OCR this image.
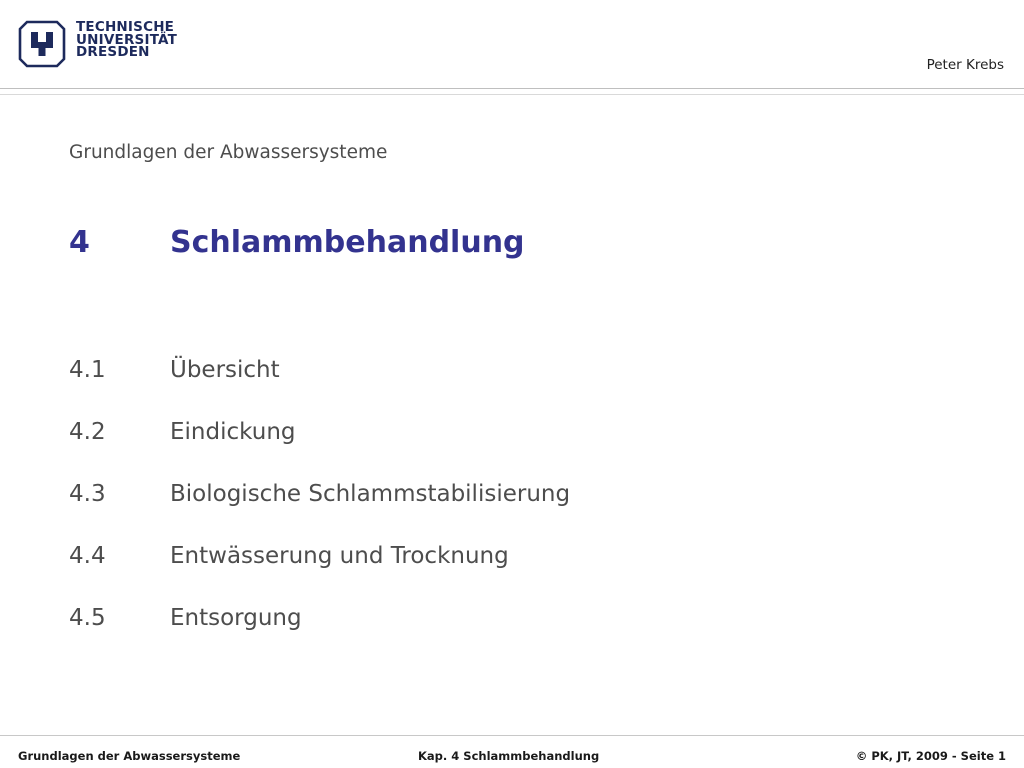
TECHNISCHE
UNIVERSITÄT
DRESDEN
Peter Krebs
Grundlagen der Abwassersysteme
4	Schlammbehandlung
4.1	Übersicht
4.2	Eindickung
4.3	Biologische Schlammstabilisierung
4.4	Entwässerung und Trocknung
4.5	Entsorgung
Grundlagen der Abwassersysteme	Kap. 4 Schlammbehandlung	© PK, JT, 2009 - Seite 1
